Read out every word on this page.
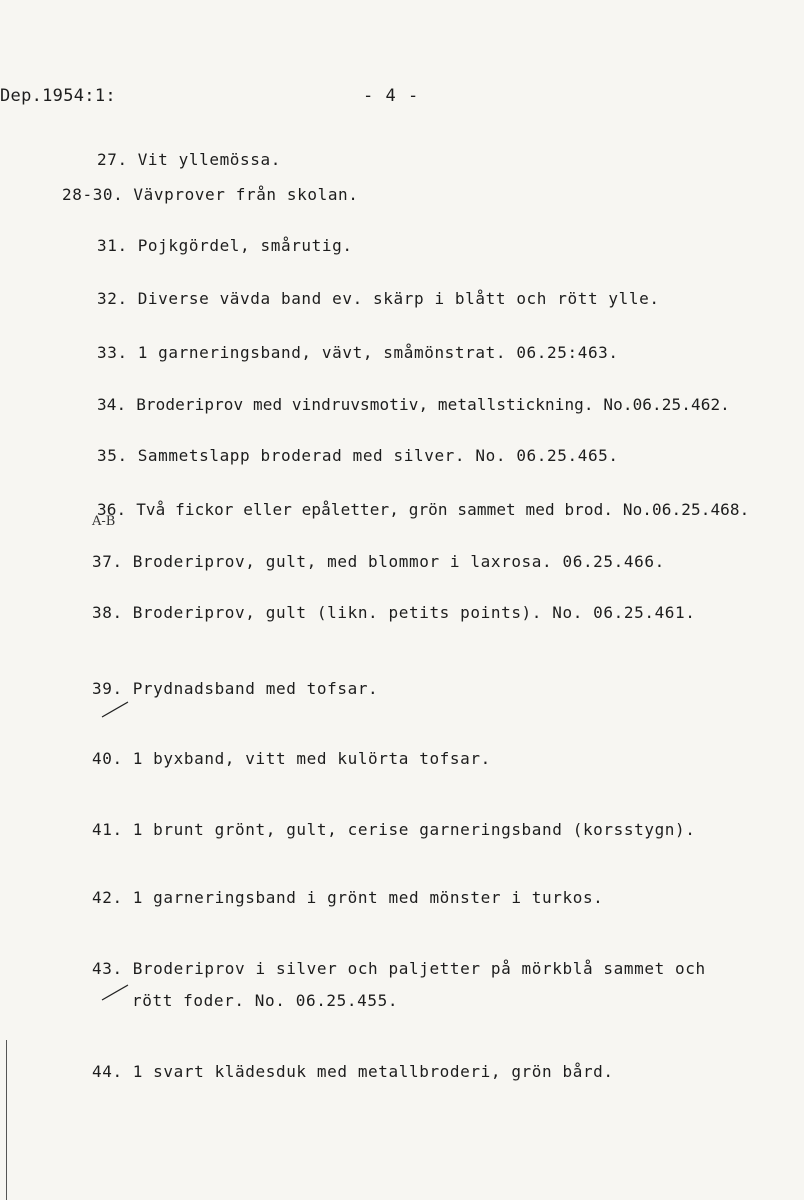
Dep.1954:1:	- 4 -
27. Vit yllemössa.
28-30. Vävprover från skolan.
31. Pojkgördel, smårutig.
32. Diverse vävda band ev. skärp i blått och rött ylle.
33. 1 garneringsband, vävt, småmönstrat. 06.25:463.
34. Broderiprov med vindruvsmotiv, metallstickning. No.06.25.462.
35. Sammetslapp broderad med silver. No. 06.25.465.
36. Två fickor eller epåletter, grön sammet med brod. No.06.25.468.
A-B
37. Broderiprov, gult, med blommor i laxrosa. 06.25.466.
38. Broderiprov, gult (likn. petits points). No. 06.25.461.
39. Prydnadsband med tofsar.
40. 1 byxband, vitt med kulörta tofsar.
41. 1 brunt grönt, gult, cerise garneringsband (korsstygn).
42. 1 garneringsband i grönt med mönster i turkos.
43. Broderiprov i silver och paljetter på mörkblå sammet och
rött foder. No. 06.25.455.
44. 1 svart klädesduk med metallbroderi, grön bård.
